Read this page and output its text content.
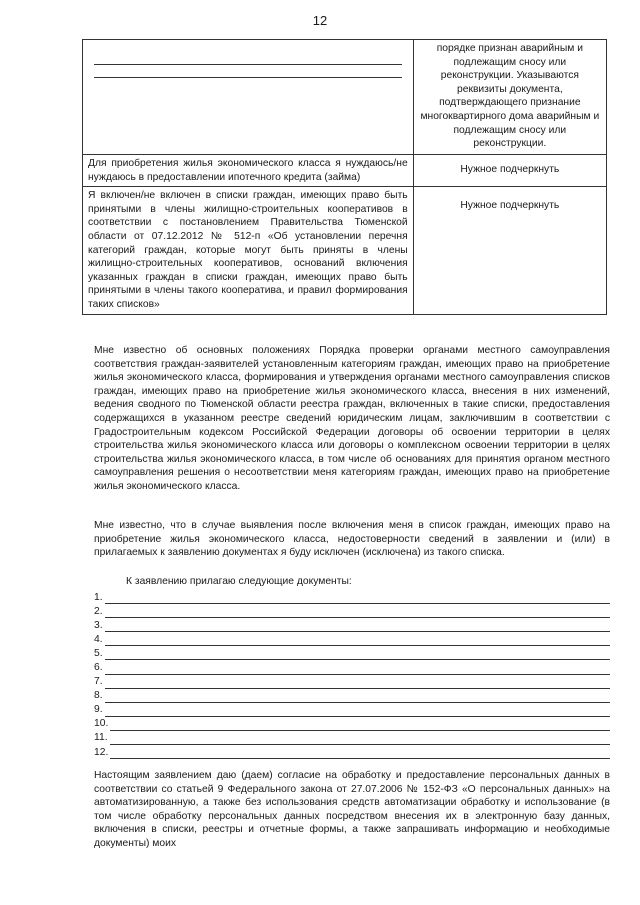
12
	порядке признан аварийным и подлежащим сносу или реконструкции. Указываются реквизиты документа, подтверждающего признание многоквартирного дома аварийным и подлежащим сносу или реконструкции.
Для приобретения жилья экономического класса я нуждаюсь/не нуждаюсь в предоставлении ипотечного кредита (займа)	Нужное подчеркнуть
Я включен/не включен в списки граждан, имеющих право быть принятыми в члены жилищно-строительных кооперативов в соответствии с постановлением Правительства Тюменской области от 07.12.2012 № 512-п «Об установлении перечня категорий граждан, которые могут быть приняты в члены жилищно-строительных кооперативов, оснований включения указанных граждан в списки граждан, имеющих право быть принятыми в члены такого кооператива, и правил формирования таких списков»	Нужное подчеркнуть
Мне известно об основных положениях Порядка проверки органами местного самоуправления соответствия граждан-заявителей установленным категориям граждан, имеющих право на приобретение жилья экономического класса, формирования и утверждения органами местного самоуправления списков граждан, имеющих право на приобретение жилья экономического класса, внесения в них изменений, ведения сводного по Тюменской области реестра граждан, включенных в такие списки, предоставления содержащихся в указанном реестре сведений юридическим лицам, заключившим в соответствии с Градостроительным кодексом Российской Федерации договоры об освоении территории в целях строительства жилья экономического класса или договоры о комплексном освоении территории в целях строительства жилья экономического класса, в том числе об основаниях для принятия органом местного самоуправления решения о несоответствии меня категориям граждан, имеющих право на приобретение жилья экономического класса.
Мне известно, что в случае выявления после включения меня в список граждан, имеющих право на приобретение жилья экономического класса, недостоверности сведений в заявлении и (или) в прилагаемых к заявлению документах я буду исключен (исключена) из такого списка.
К заявлению прилагаю следующие документы:
1.
2.
3.
4.
5.
6.
7.
8.
9.
10.
11.
12.
Настоящим заявлением даю (даем) согласие на обработку и предоставление персональных данных в соответствии со статьей 9 Федерального закона от 27.07.2006 № 152-ФЗ «О персональных данных» на автоматизированную, а также без использования средств автоматизации обработку и использование (в том числе обработку персональных данных посредством внесения их в электронную базу данных, включения в списки, реестры и отчетные формы, а также запрашивать информацию и необходимые документы) моих
